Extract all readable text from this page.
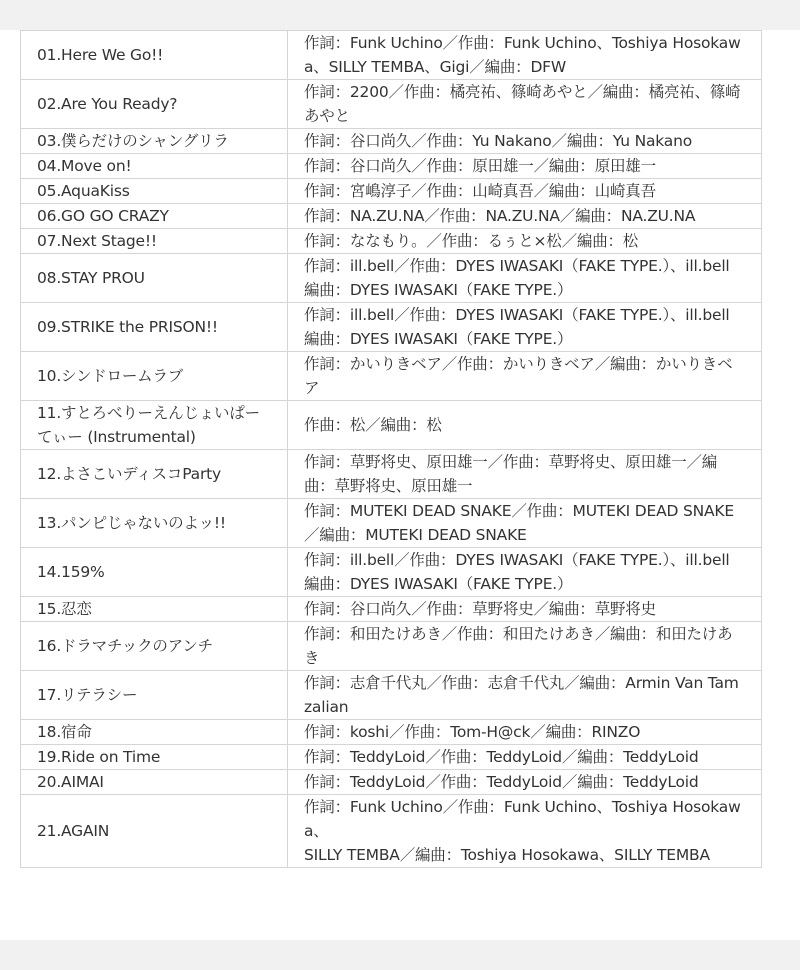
01.Here We Go!!	作詞：Funk Uchino／作曲：Funk Uchino、Toshiya Hosokawa、SILLY TEMBA、Gigi／編曲：DFW

02.Are You Ready?	作詞：2200／作曲：橘亮祐、篠崎あやと／編曲：橘亮祐、篠崎あやと

03.僕らだけのシャングリラ	作詞：谷口尚久／作曲：Yu Nakano／編曲：Yu Nakano

04.Move on!	作詞：谷口尚久／作曲：原田雄一／編曲：原田雄一

05.AquaKiss	作詞：宮嶋淳子／作曲：山崎真吾／編曲：山崎真吾

06.GO GO CRAZY	作詞：NA.ZU.NA／作曲：NA.ZU.NA／編曲：NA.ZU.NA

07.Next Stage!!	作詞：ななもり。／作曲：るぅと×松／編曲：松

08.STAY PROU	作詞：ill.bell／作曲：DYES IWASAKI（FAKE TYPE.）、ill.bell
編曲：DYES IWASAKI（FAKE TYPE.）

09.STRIKE the PRISON!!	作詞：ill.bell／作曲：DYES IWASAKI（FAKE TYPE.）、ill.bell
編曲：DYES IWASAKI（FAKE TYPE.）

10.シンドロームラブ	作詞：かいりきベア／作曲：かいりきベア／編曲：かいりきベア

11.すとろべりーえんじょいぱーてぃー (Instrumental)	作曲：松／編曲：松

12.よさこいディスコParty	作詞：草野将史、原田雄一／作曲：草野将史、原田雄一／編曲：草野将史、原田雄一

13.パンピじゃないのよッ!!	作詞：MUTEKI DEAD SNAKE／作曲：MUTEKI DEAD SNAKE／編曲：MUTEKI DEAD SNAKE

14.159%	作詞：ill.bell／作曲：DYES IWASAKI（FAKE TYPE.）、ill.bell
編曲：DYES IWASAKI（FAKE TYPE.）

15.忍恋	作詞：谷口尚久／作曲：草野将史／編曲：草野将史

16.ドラマチックのアンチ	作詞：和田たけあき／作曲：和田たけあき／編曲：和田たけあき

17.リテラシー	作詞：志倉千代丸／作曲：志倉千代丸／編曲：Armin Van Tamzalian

18.宿命	作詞：koshi／作曲：Tom-H@ck／編曲：RINZO

19.Ride on Time	作詞：TeddyLoid／作曲：TeddyLoid／編曲：TeddyLoid

20.AIMAI	作詞：TeddyLoid／作曲：TeddyLoid／編曲：TeddyLoid

21.AGAIN	作詞：Funk Uchino／作曲：Funk Uchino、Toshiya Hosokawa、
SILLY TEMBA／編曲：Toshiya Hosokawa、SILLY TEMBA
